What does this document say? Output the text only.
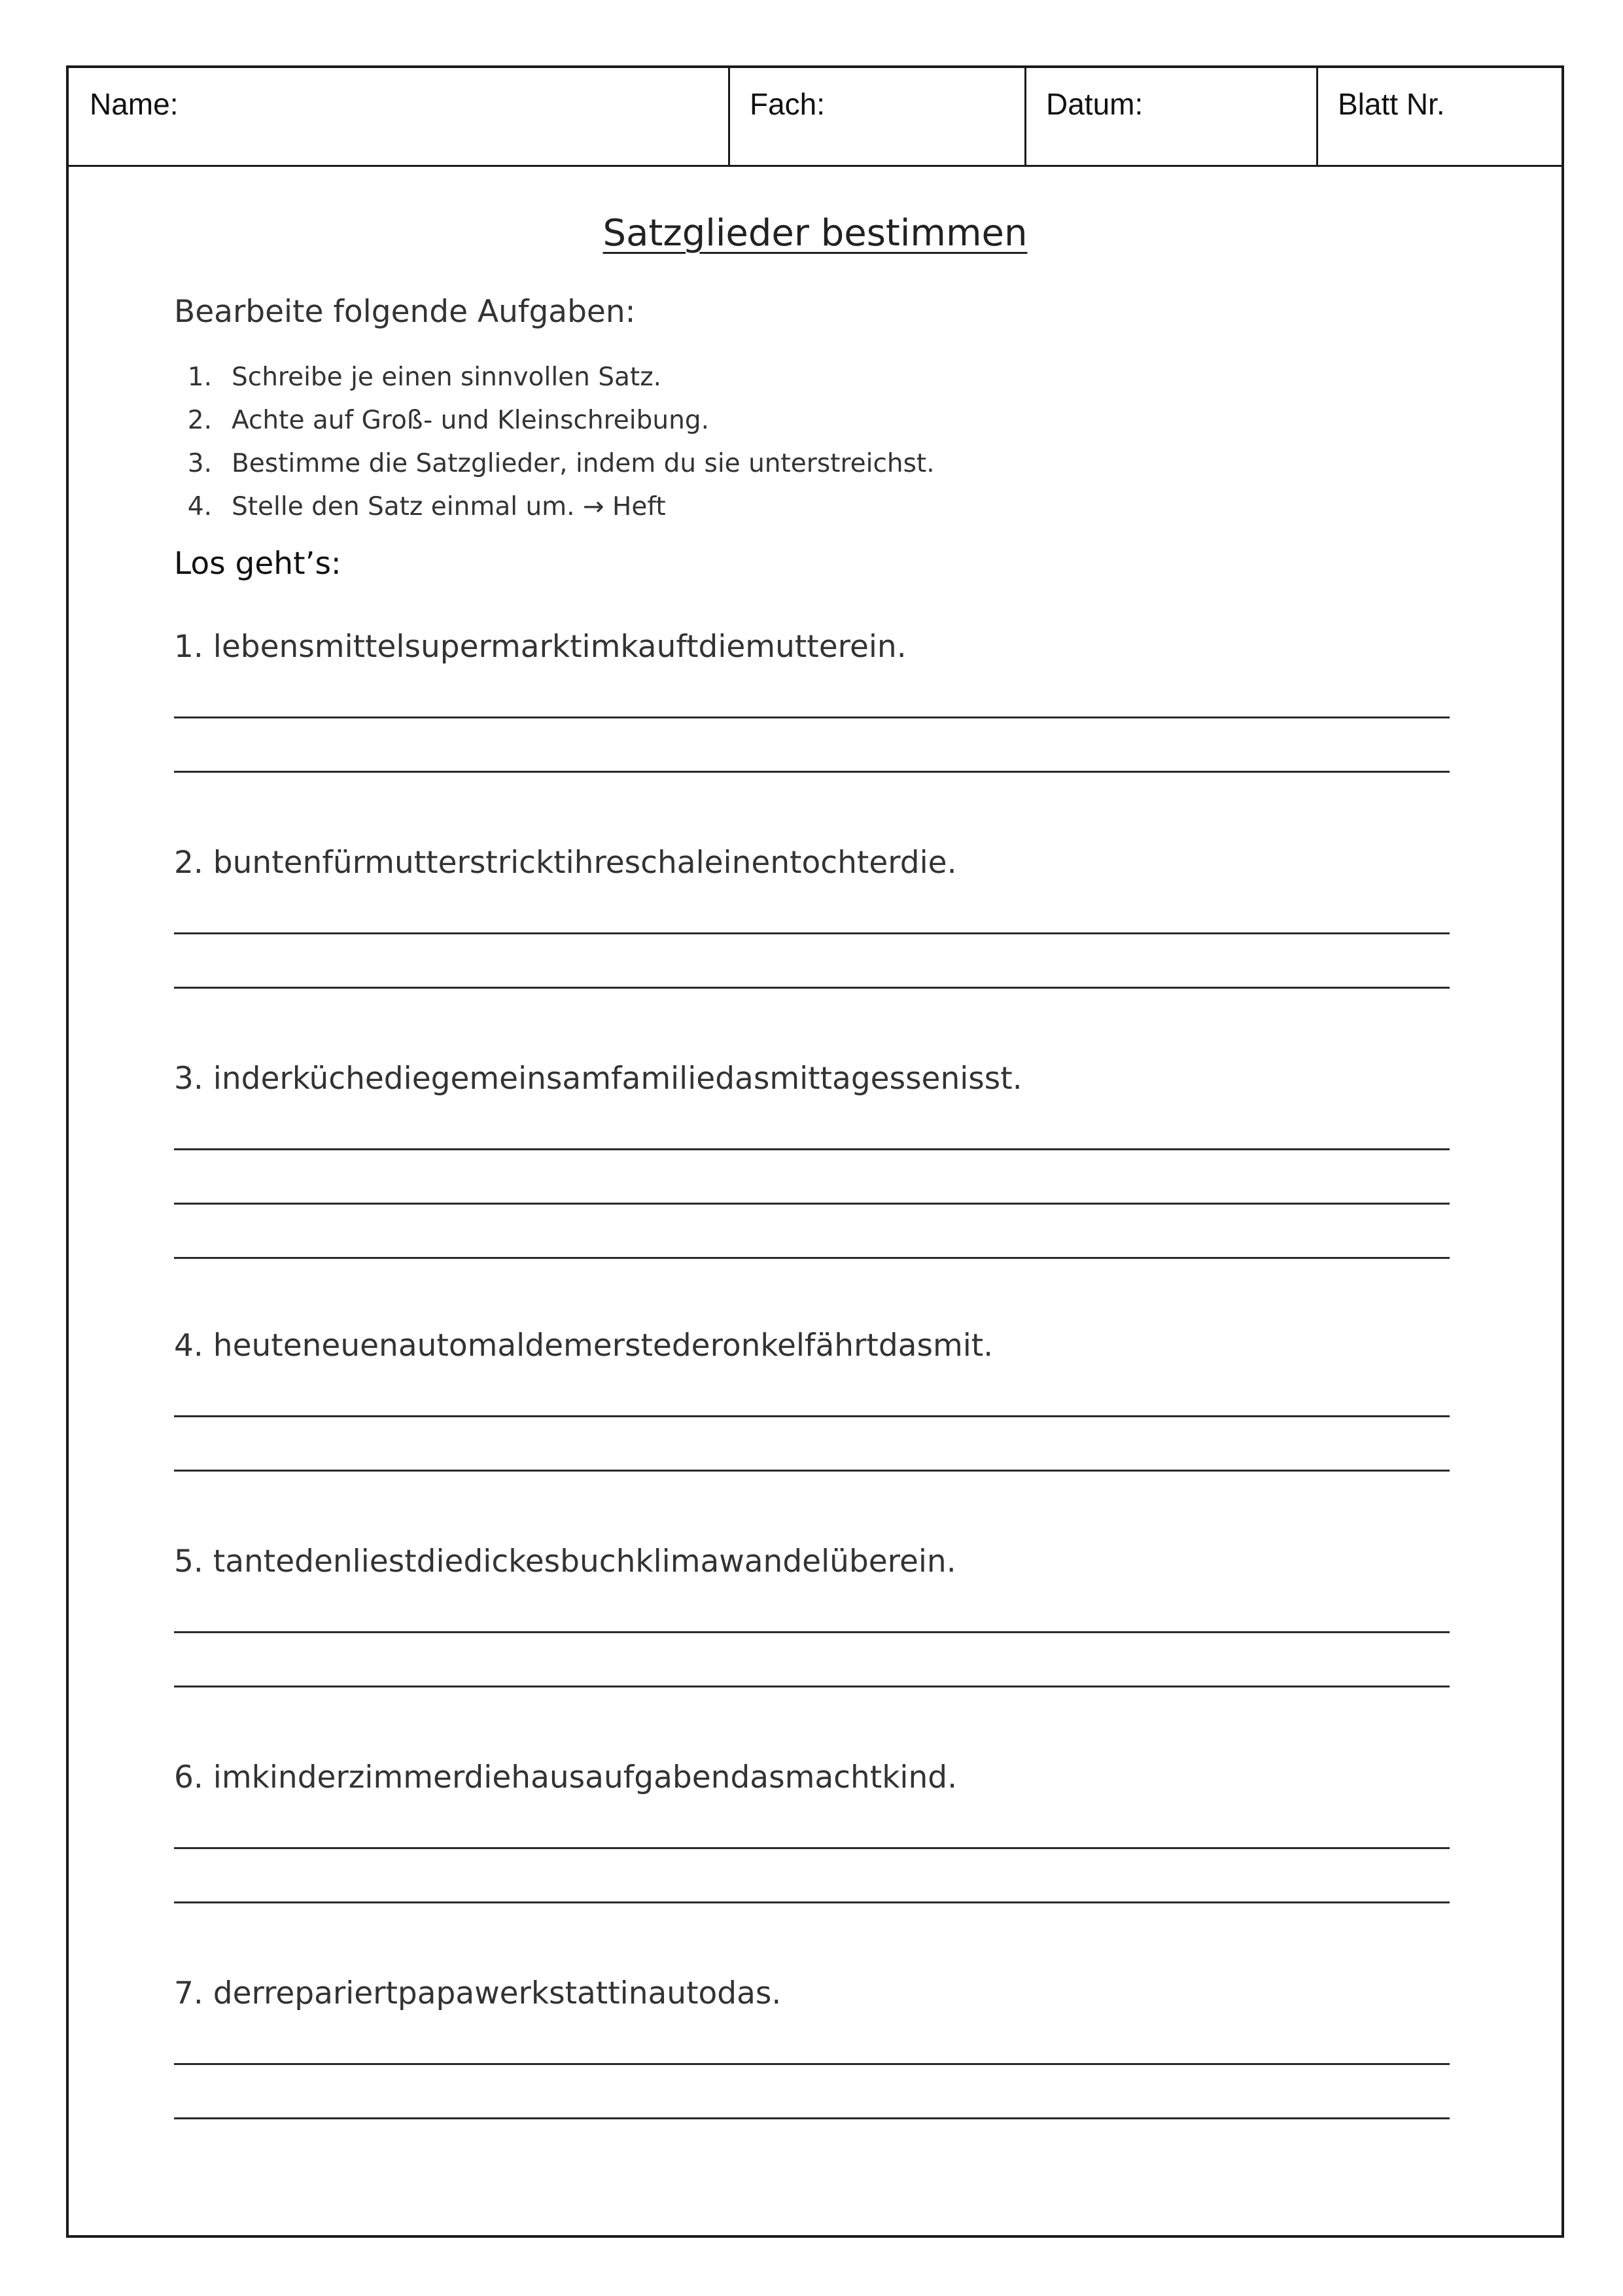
Name:	Fach:	Datum:	Blatt Nr.
Satzglieder bestimmen
Bearbeite folgende Aufgaben:
1. Schreibe je einen sinnvollen Satz.
2. Achte auf Groß- und Kleinschreibung.
3. Bestimme die Satzglieder, indem du sie unterstreichst.
4. Stelle den Satz einmal um. → Heft
Los geht’s:
1. lebensmittelsupermarktimkauftdiemutterein.
2. buntenfürmutterstricktihreschaleinentochterdie.
3. inderküchediegemeinsamfamiliedasmittagessenisst.
4. heuteneuenautomaldemerstederonkelfährtdasmit.
5. tantedenliestdiedickesbuchklimawandelüberein.
6. imkinderzimmerdiehausaufgabendasmachtkind.
7. derrepariertpapawerkstattinautodas.
